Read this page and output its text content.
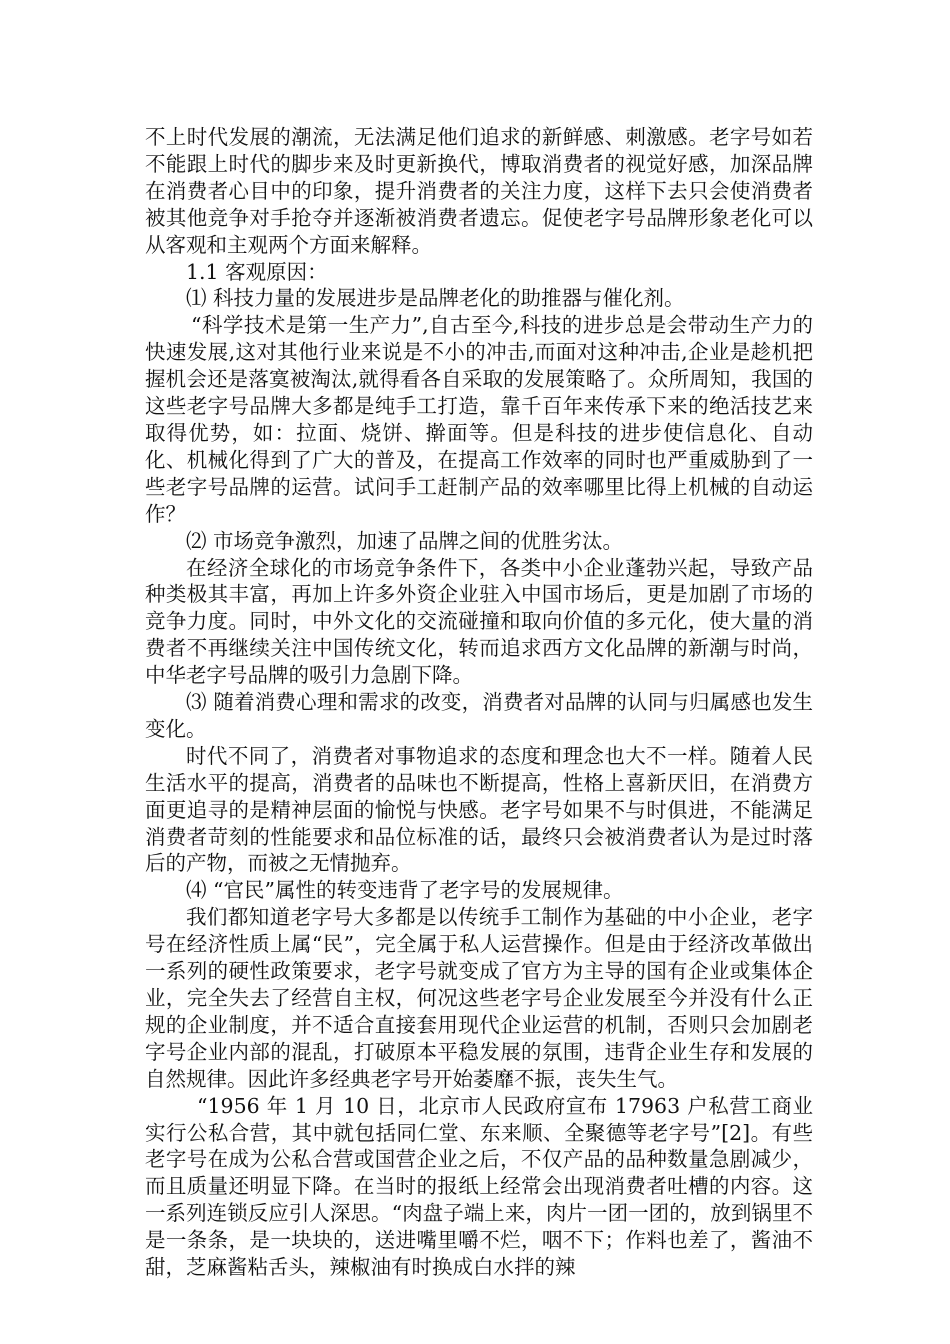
不上时代发展的潮流，无法满足他们追求的新鲜感、刺激感。老字号如若不能跟上时代的脚步来及时更新换代，博取消费者的视觉好感，加深品牌在消费者心目中的印象，提升消费者的关注力度，这样下去只会使消费者被其他竞争对手抢夺并逐渐被消费者遗忘。促使老字号品牌形象老化可以从客观和主观两个方面来解释。

1.1 客观原因：

⑴ 科技力量的发展进步是品牌老化的助推器与催化剂。

“科学技术是第一生产力”,自古至今,科技的进步总是会带动生产力的快速发展,这对其他行业来说是不小的冲击,而面对这种冲击,企业是趁机把握机会还是落寞被淘汰,就得看各自采取的发展策略了。众所周知，我国的这些老字号品牌大多都是纯手工打造，靠千百年来传承下来的绝活技艺来取得优势，如：拉面、烧饼、擀面等。但是科技的进步使信息化、自动化、机械化得到了广大的普及，在提高工作效率的同时也严重威胁到了一些老字号品牌的运营。试问手工赶制产品的效率哪里比得上机械的自动运作？

⑵ 市场竞争激烈，加速了品牌之间的优胜劣汰。

在经济全球化的市场竞争条件下，各类中小企业蓬勃兴起，导致产品种类极其丰富，再加上许多外资企业驻入中国市场后，更是加剧了市场的竞争力度。同时，中外文化的交流碰撞和取向价值的多元化，使大量的消费者不再继续关注中国传统文化，转而追求西方文化品牌的新潮与时尚，中华老字号品牌的吸引力急剧下降。

⑶ 随着消费心理和需求的改变，消费者对品牌的认同与归属感也发生变化。

时代不同了，消费者对事物追求的态度和理念也大不一样。随着人民生活水平的提高，消费者的品味也不断提高，性格上喜新厌旧，在消费方面更追寻的是精神层面的愉悦与快感。老字号如果不与时俱进，不能满足消费者苛刻的性能要求和品位标准的话，最终只会被消费者认为是过时落后的产物，而被之无情抛弃。

⑷ “官民”属性的转变违背了老字号的发展规律。

我们都知道老字号大多都是以传统手工制作为基础的中小企业，老字号在经济性质上属“民”，完全属于私人运营操作。但是由于经济改革做出一系列的硬性政策要求，老字号就变成了官方为主导的国有企业或集体企业，完全失去了经营自主权，何况这些老字号企业发展至今并没有什么正规的企业制度，并不适合直接套用现代企业运营的机制，否则只会加剧老字号企业内部的混乱，打破原本平稳发展的氛围，违背企业生存和发展的自然规律。因此许多经典老字号开始萎靡不振，丧失生气。

“1956 年 1 月 10 日，北京市人民政府宣布 17963 户私营工商业实行公私合营，其中就包括同仁堂、东来顺、全聚德等老字号”[2]。有些老字号在成为公私合营或国营企业之后，不仅产品的品种数量急剧减少，而且质量还明显下降。在当时的报纸上经常会出现消费者吐槽的内容。这一系列连锁反应引人深思。“肉盘子端上来，肉片一团一团的，放到锅里不是一条条，是一块块的，送进嘴里嚼不烂，咽不下；作料也差了，酱油不甜，芝麻酱粘舌头，辣椒油有时换成白水拌的辣
